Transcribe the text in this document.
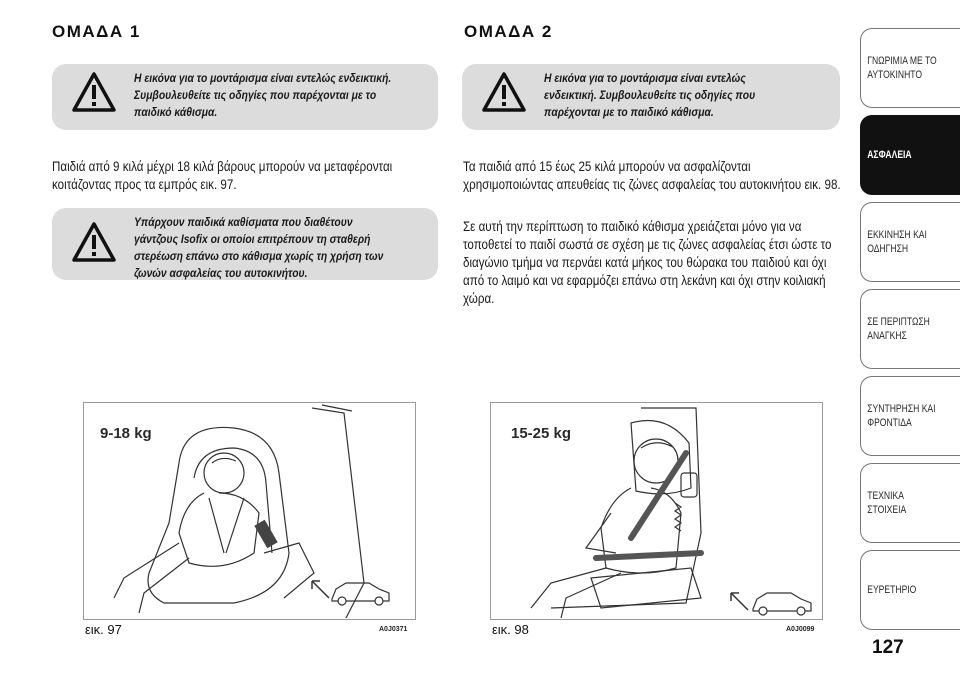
ΟΜΑΔΑ 1
Η εικόνα για το μοντάρισμα είναι εντελώς ενδεικτική. Συμβουλευθείτε τις οδηγίες που παρέχονται με το παιδικό κάθισμα.
Παιδιά από 9 κιλά μέχρι 18 κιλά βάρους μπορούν να μεταφέρονται κοιτάζοντας προς τα εμπρός εικ. 97.
Υπάρχουν παιδικά καθίσματα που διαθέτουν γάντζους Isofix οι οποίοι επιτρέπουν τη σταθερή στερέωση επάνω στο κάθισμα χωρίς τη χρήση των ζωνών ασφαλείας του αυτοκινήτου.
9-18 kg
εικ. 97	A0J0371
ΟΜΑΔΑ 2
Η εικόνα για το μοντάρισμα είναι εντελώς ενδεικτική. Συμβουλευθείτε τις οδηγίες που παρέχονται με το παιδικό κάθισμα.
Τα παιδιά από 15 έως 25 κιλά μπορούν να ασφαλίζονται χρησιμοποιώντας απευθείας τις ζώνες ασφαλείας του αυτοκινήτου εικ. 98.
Σε αυτή την περίπτωση το παιδικό κάθισμα χρειάζεται μόνο για να τοποθετεί το παιδί σωστά σε σχέση με τις ζώνες ασφαλείας έτσι ώστε το διαγώνιο τμήμα να περνάει κατά μήκος του θώρακα του παιδιού και όχι από το λαιμό και να εφαρμόζει επάνω στη λεκάνη και όχι στην κοιλιακή χώρα.
15-25 kg
εικ. 98	A0J0099
ΓΝΩΡΙΜΙΑ ΜΕ ΤΟ
ΑΥΤΟΚΙΝΗΤΟ
ΑΣΦΑΛΕΙΑ
ΕΚΚΙΝΗΣΗ ΚΑΙ
ΟΔΗΓΗΣΗ
ΣΕ ΠΕΡΙΠΤΩΣΗ
ΑΝΑΓΚΗΣ
ΣΥΝΤΗΡΗΣΗ ΚΑΙ
ΦΡΟΝΤΙΔΑ
ΤΕΧΝΙΚΑ ΣΤΟΙΧΕΙΑ
ΕΥΡΕΤΗΡΙΟ
127
